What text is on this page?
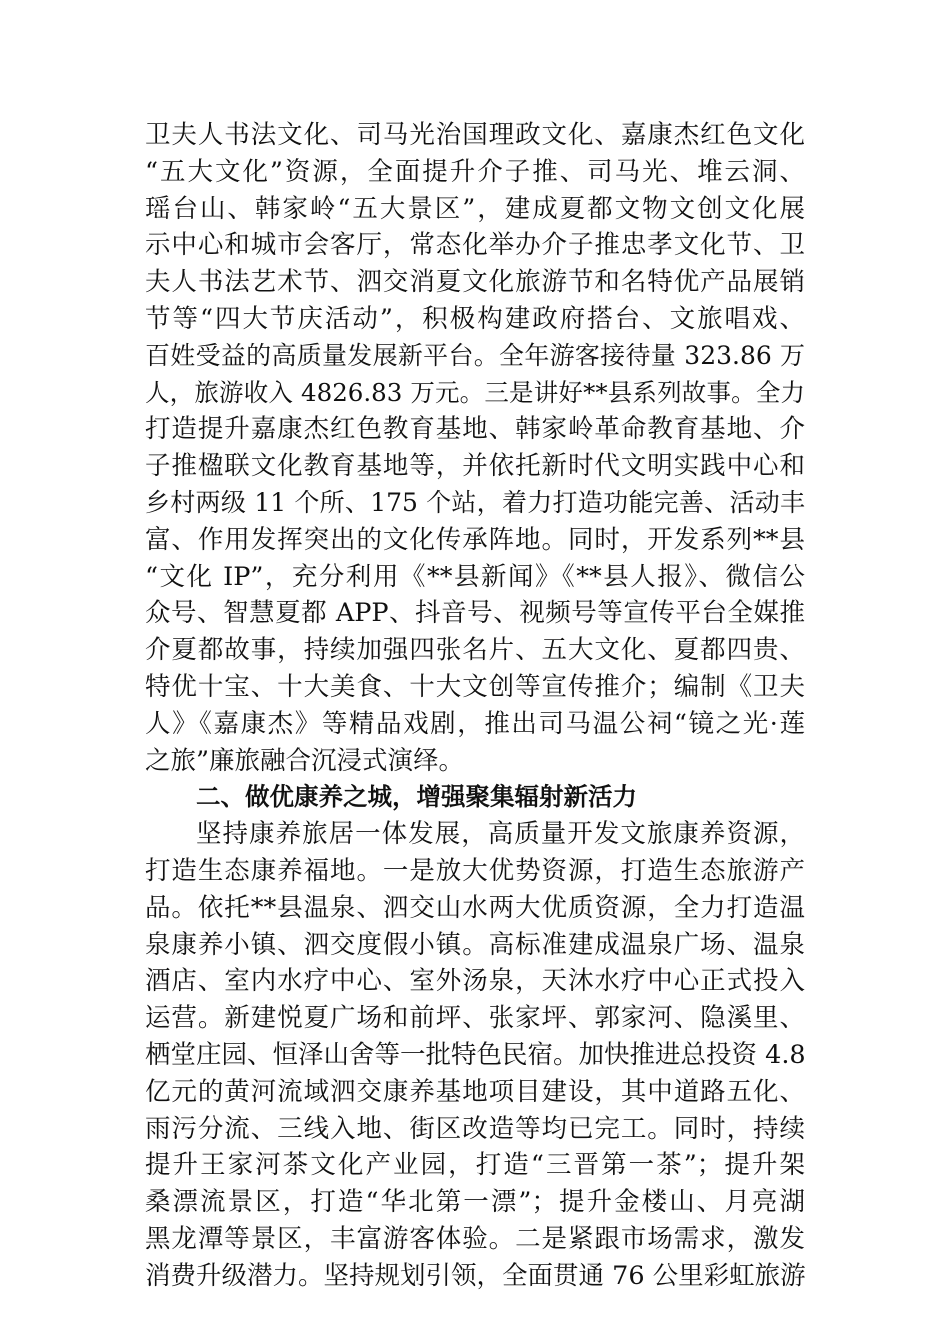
卫夫人书法文化、司马光治国理政文化、嘉康杰红色文化
“五大文化”资源，全面提升介子推、司马光、堆云洞、
瑶台山、韩家岭“五大景区”，建成夏都文物文创文化展
示中心和城市会客厅，常态化举办介子推忠孝文化节、卫
夫人书法艺术节、泗交消夏文化旅游节和名特优产品展销
节等“四大节庆活动”，积极构建政府搭台、文旅唱戏、
百姓受益的高质量发展新平台。全年游客接待量 323.86 万
人，旅游收入 4826.83 万元。三是讲好**县系列故事。全力
打造提升嘉康杰红色教育基地、韩家岭革命教育基地、介
子推楹联文化教育基地等，并依托新时代文明实践中心和
乡村两级 11 个所、175 个站，着力打造功能完善、活动丰
富、作用发挥突出的文化传承阵地。同时，开发系列**县
“文化 IP”，充分利用《**县新闻》《**县人报》、微信公
众号、智慧夏都 APP、抖音号、视频号等宣传平台全媒推
介夏都故事，持续加强四张名片、五大文化、夏都四贵、
特优十宝、十大美食、十大文创等宣传推介；编制《卫夫
人》《嘉康杰》等精品戏剧，推出司马温公祠“镜之光·莲
之旅”廉旅融合沉浸式演绎。
二、做优康养之城，增强聚集辐射新活力
坚持康养旅居一体发展，高质量开发文旅康养资源，
打造生态康养福地。一是放大优势资源，打造生态旅游产
品。依托**县温泉、泗交山水两大优质资源，全力打造温
泉康养小镇、泗交度假小镇。高标准建成温泉广场、温泉
酒店、室内水疗中心、室外汤泉，天沐水疗中心正式投入
运营。新建悦夏广场和前坪、张家坪、郭家河、隐溪里、
栖堂庄园、恒泽山舍等一批特色民宿。加快推进总投资 4.8
亿元的黄河流域泗交康养基地项目建设，其中道路五化、
雨污分流、三线入地、街区改造等均已完工。同时，持续
提升王家河茶文化产业园，打造“三晋第一茶”；提升架
桑漂流景区，打造“华北第一漂”；提升金楼山、月亮湖
黑龙潭等景区，丰富游客体验。二是紧跟市场需求，激发
消费升级潜力。坚持规划引领，全面贯通 76 公里彩虹旅游
